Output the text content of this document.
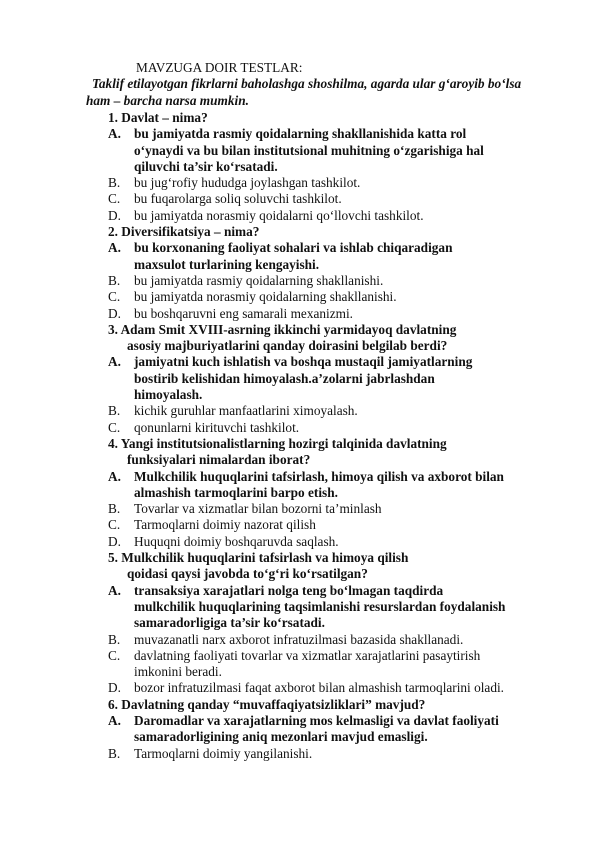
MAVZUGA DOIR TESTLAR:
Taklif etilayotgan fikrlarni baholashga shoshilma, agarda ular g‘aroyib bo‘lsa ham – barcha narsa mumkin.
1. Davlat – nima?
A. bu jamiyatda rasmiy qoidalarning shakllanishida katta rol o‘ynaydi va bu bilan institutsional muhitning o‘zgarishiga hal qiluvchi ta’sir ko‘rsatadi.
B.	bu jug‘rofiy hududga joylashgan tashkilot.
C.	bu fuqarolarga soliq soluvchi tashkilot.
D. bu jamiyatda norasmiy qoidalarni qo‘llovchi tashkilot.
2. Diversifikatsiya – nima?
A. bu korxonaning faoliyat sohalari va ishlab chiqaradigan maxsulot turlarining kengayishi.
B.	bu jamiyatda rasmiy qoidalarning shakllanishi.
C.	bu jamiyatda norasmiy qoidalarning shakllanishi.
D. bu boshqaruvni eng samarali mexanizmi.
3. Adam Smit XVIII-asrning ikkinchi yarmidayoq davlatning
asosiy majburiyatlarini qanday doirasini belgilab berdi?
A. jamiyatni kuch ishlatish va boshqa mustaqil jamiyatlarning bostirib kelishidan himoyalash.a’zolarni jabrlashdan himoyalash.
B.	kichik guruhlar manfaatlarini ximoyalash.
C.	qonunlarni kirituvchi tashkilot.
4. Yangi institutsionalistlarning hozirgi talqinida davlatning
funksiyalari nimalardan iborat?
A. Mulkchilik huquqlarini tafsirlash, himoya qilish va axborot bilan almashish tarmoqlarini barpo etish.
B.	Tovarlar va xizmatlar bilan bozorni ta’minlash
C.	Tarmoqlarni doimiy nazorat qilish
D. Huquqni doimiy boshqaruvda saqlash.
5. Mulkchilik huquqlarini tafsirlash va himoya qilish
qoidasi qaysi javobda to‘g‘ri ko‘rsatilgan?
A. transaksiya xarajatlari nolga teng bo‘lmagan taqdirda mulkchilik huquqlarining taqsimlanishi resurslardan foydalanish samaradorligiga ta’sir ko‘rsatadi.
B.	muvazanatli narx axborot infratuzilmasi bazasida shakllanadi.
C.	davlatning faoliyati tovarlar va xizmatlar xarajatlarini pasaytirish imkonini beradi.
D. bozor infratuzilmasi faqat axborot bilan almashish tarmoqlarini oladi.
6. Davlatning qanday “muvaffaqiyatsizliklari” mavjud?
A. Daromadlar va xarajatlarning mos kelmasligi va davlat faoliyati samaradorligining aniq mezonlari mavjud emasligi.
B.	Tarmoqlarni doimiy yangilanishi.
